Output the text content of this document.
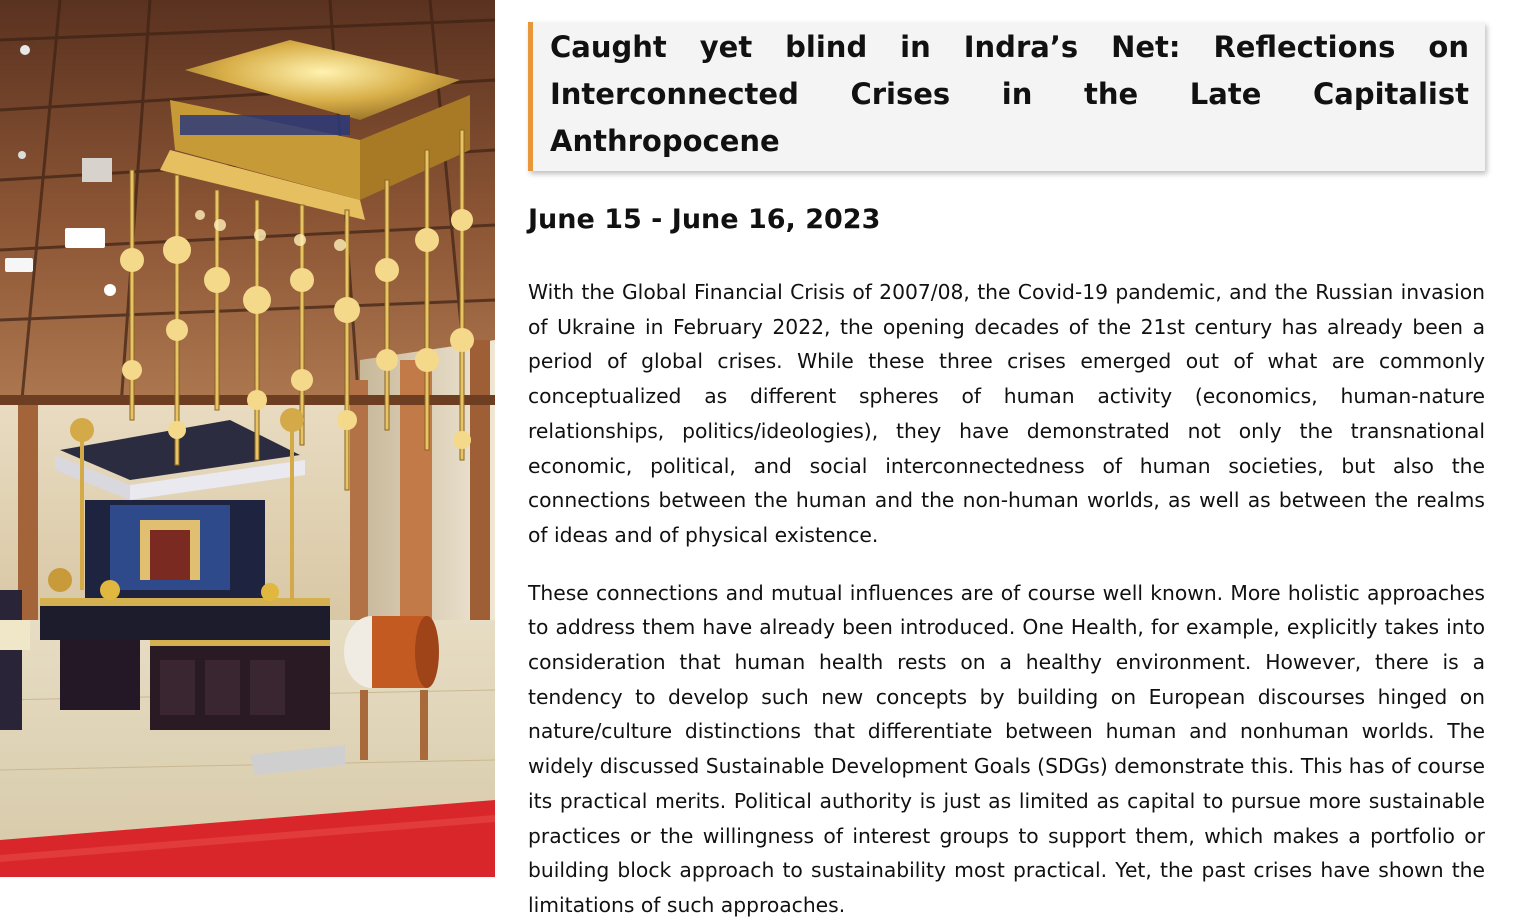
Caught yet blind in Indra’s Net: Reflections on Interconnected Crises in the Late Capitalist Anthropocene
June 15 - June 16, 2023

With the Global Financial Crisis of 2007/08, the Covid-19 pandemic, and the Russian invasion of Ukraine in February 2022, the opening decades of the 21st century has already been a period of global crises. While these three crises emerged out of what are commonly conceptualized as different spheres of human activity (economics, human-nature relationships, politics/ideologies), they have demonstrated not only the transnational economic, political, and social interconnectedness of human societies, but also the connections between the human and the non-human worlds, as well as between the realms of ideas and of physical existence.

These connections and mutual influences are of course well known. More holistic approaches to address them have already been introduced. One Health, for example, explicitly takes into consideration that human health rests on a healthy environment. However, there is a tendency to develop such new concepts by building on European discourses hinged on nature/culture distinctions that differentiate between human and nonhuman worlds. The widely discussed Sustainable Development Goals (SDGs) demonstrate this. This has of course its practical merits. Political authority is just as limited as capital to pursue more sustainable practices or the willingness of interest groups to support them, which makes a portfolio or building block approach to sustainability most practical. Yet, the past crises have shown the limitations of such approaches.
